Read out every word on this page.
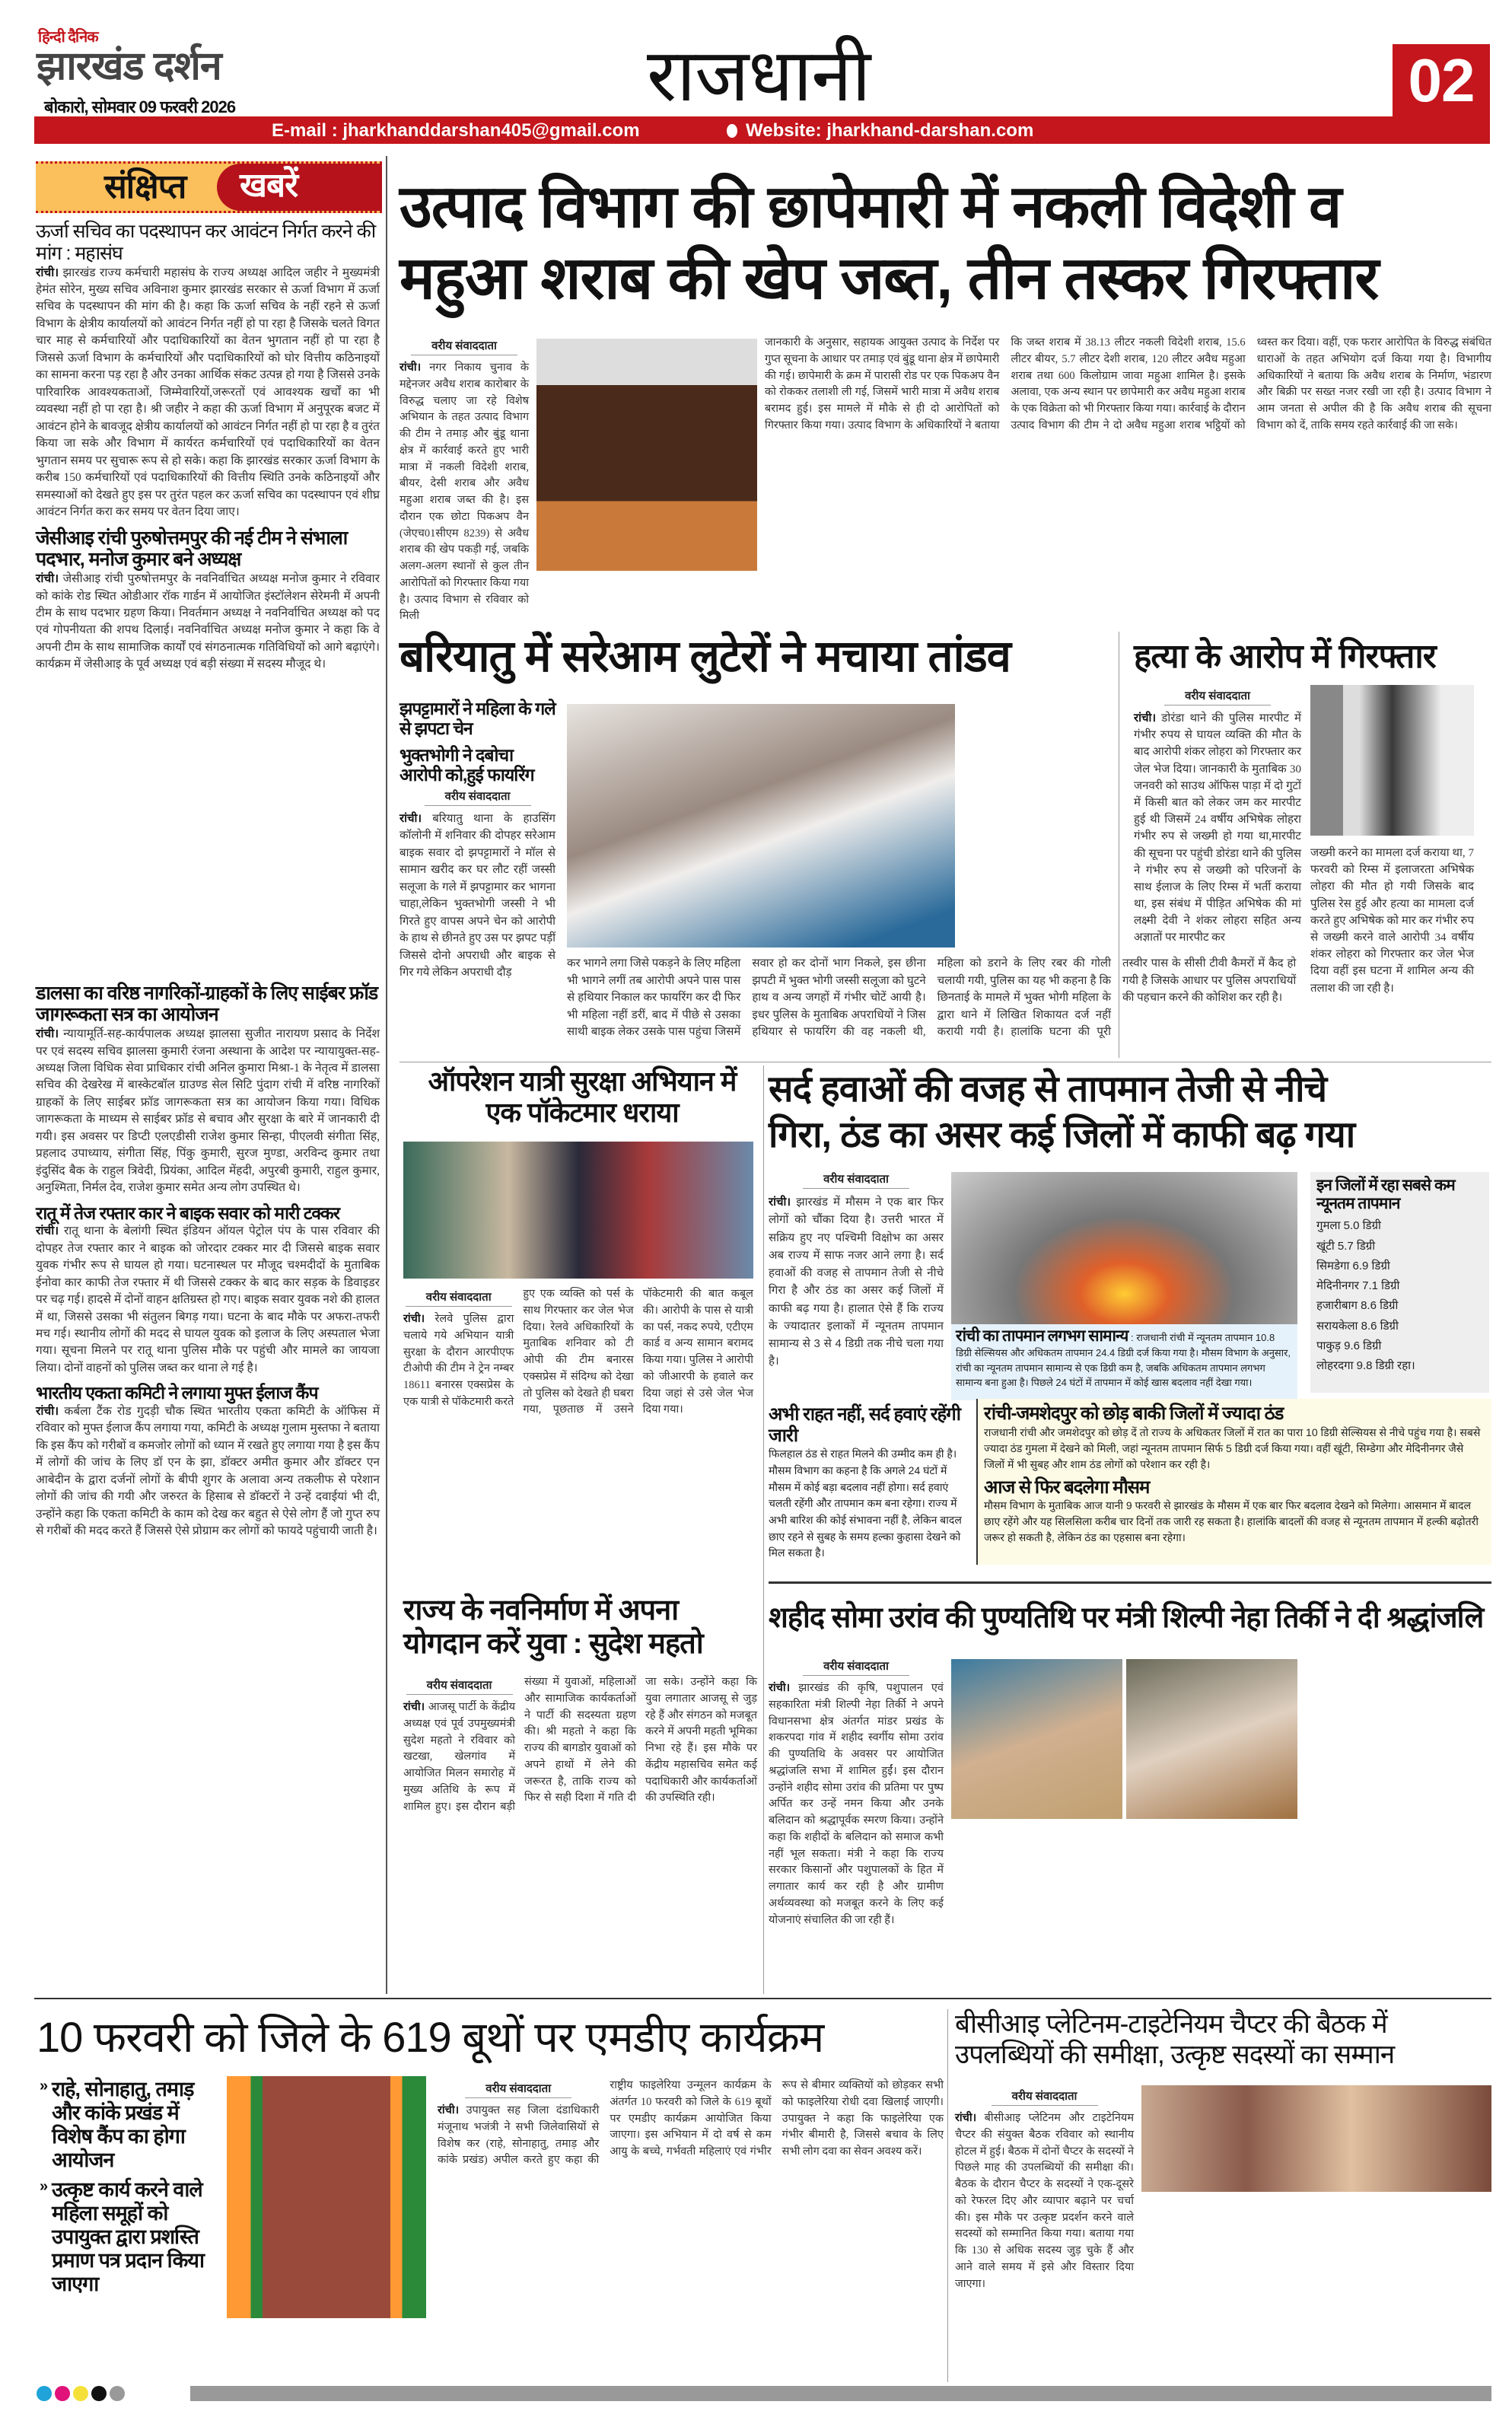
हिन्दी दैनिक
झारखंड दर्शन
बोकारो, सोमवार 09 फरवरी 2026	राजधानी	02
E-mail : jharkhanddarshan405@gmail.com	Website: jharkhand-darshan.com
संक्षिप्त खबरें
ऊर्जा सचिव का पदस्थापन कर आवंटन निर्गत करने की मांग : महासंघ
रांची। झारखंड राज्य कर्मचारी महासंघ के राज्य अध्यक्ष आदिल जहीर ने मुख्यमंत्री हेमंत सोरेन, मुख्य सचिव अविनाश कुमार झारखंड सरकार से ऊर्जा विभाग में ऊर्जा सचिव के पदस्थापन की मांग की है। कहा कि ऊर्जा सचिव के नहीं रहने से ऊर्जा विभाग के क्षेत्रीय कार्यालयों को आवंटन निर्गत नहीं हो पा रहा है जिसके चलते विगत चार माह से कर्मचारियों और पदाधिकारियों का वेतन भुगतान नहीं हो पा रहा है जिससे ऊर्जा विभाग के कर्मचारियों और पदाधिकारियों को घोर वित्तीय कठिनाइयों का सामना करना पड़ रहा है और उनका आर्थिक संकट उत्पन्न हो गया है जिससे उनके पारिवारिक आवश्यकताओं, जिम्मेवारियों,जरूरतों एवं आवश्यक खर्चों का भी व्यवस्था नहीं हो पा रहा है। श्री जहीर ने कहा की ऊर्जा विभाग में अनुपूरक बजट में आवंटन होने के बावजूद क्षेत्रीय कार्यालयों को आवंटन निर्गत नहीं हो पा रहा है व तुरंत किया जा सके और विभाग में कार्यरत कर्मचारियों एवं पदाधिकारियों का वेतन भुगतान समय पर सुचारू रूप से हो सके। कहा कि झारखंड सरकार ऊर्जा विभाग के करीब 150 कर्मचारियों एवं पदाधिकारियों की वित्तीय स्थिति उनके कठिनाइयों और समस्याओं को देखते हुए इस पर तुरंत पहल कर ऊर्जा सचिव का पदस्थापन एवं शीघ्र आवंटन निर्गत करा कर समय पर वेतन दिया जाए।
जेसीआइ रांची पुरुषोत्तमपुर की नई टीम ने संभाला पदभार, मनोज कुमार बने अध्यक्ष
रांची। जेसीआइ रांची पुरुषोत्तमपुर के नवनिर्वाचित अध्यक्ष मनोज कुमार ने रविवार को कांके रोड स्थित ओडीआर रॉक गार्डन में आयोजित इंस्टॉलेशन सेरेमनी में अपनी टीम के साथ पदभार ग्रहण किया। निवर्तमान अध्यक्ष ने नवनिर्वाचित अध्यक्ष को पद एवं गोपनीयता की शपथ दिलाई। नवनिर्वाचित अध्यक्ष मनोज कुमार ने कहा कि वे अपनी टीम के साथ सामाजिक कार्यों एवं संगठनात्मक गतिविधियों को आगे बढ़ाएंगे। कार्यक्रम में जेसीआइ के पूर्व अध्यक्ष एवं बड़ी संख्या में सदस्य मौजूद थे।
डालसा का वरिष्ठ नागरिकों-ग्राहकों के लिए साईबर फ्रॉड जागरूकता सत्र का आयोजन
रांची। न्यायामूर्ति-सह-कार्यपालक अध्यक्ष झालसा सुजीत नारायण प्रसाद के निर्देश पर एवं सदस्य सचिव झालसा कुमारी रंजना अस्थाना के आदेश पर न्यायायुक्त-सह-अध्यक्ष जिला विधिक सेवा प्राधिकार रांची अनिल कुमारा मिश्रा-1 के नेतृत्व में डालसा सचिव की देखरेख में बास्केटबॉल ग्राउण्ड सेल सिटि पुंदाग रांची में वरिष्ठ नागरिकों ग्राहकों के लिए साईबर फ्रॉड जागरूकता सत्र का आयोजन किया गया। विधिक जागरूकता के माध्यम से साईबर फ्रॉड से बचाव और सुरक्षा के बारे में जानकारी दी गयी। इस अवसर पर डिप्टी एलएडीसी राजेश कुमार सिन्हा, पीएलवी संगीता सिंह, प्रहलाद उपाध्याय, संगीता सिंह, पिंकु कुमारी, सुरज मुण्डा, अरविन्द कुमार तथा इंदुसिंद बैक के राहुल त्रिवेदी, प्रियंका, आदिल मेंहदी, अपुरबी कुमारी, राहुल कुमार, अनुश्मिता, निर्मल देव, राजेश कुमार समेत अन्य लोग उपस्थित थे।
रातू में तेज रफ्तार कार ने बाइक सवार को मारी टक्कर
रांची। रातू थाना के बेलांगी स्थित इंडियन ऑयल पेट्रोल पंप के पास रविवार की दोपहर तेज रफ्तार कार ने बाइक को जोरदार टक्कर मार दी जिससे बाइक सवार युवक गंभीर रूप से घायल हो गया। घटनास्थल पर मौजूद चश्मदीदों के मुताबिक ईनोवा कार काफी तेज रफ्तार में थी जिससे टक्कर के बाद कार सड़क के डिवाइडर पर चढ़ गई। हादसे में दोनों वाहन क्षतिग्रस्त हो गए। बाइक सवार युवक नशे की हालत में था, जिससे उसका भी संतुलन बिगड़ गया। घटना के बाद मौके पर अफरा-तफरी मच गई। स्थानीय लोगों की मदद से घायल युवक को इलाज के लिए अस्पताल भेजा गया। सूचना मिलने पर रातू थाना पुलिस मौके पर पहुंची और मामले का जायजा लिया। दोनों वाहनों को पुलिस जब्त कर थाना ले गई है।
भारतीय एकता कमिटी ने लगाया मुफ्त ईलाज कैंप
रांची। कर्बला टैंक रोड गुदड़ी चौक स्थित भारतीय एकता कमिटी के ऑफिस में रविवार को मुफ्त ईलाज कैंप लगाया गया, कमिटी के अध्यक्ष गुलाम मुस्तफा ने बताया कि इस कैंप को गरीबों व कमजोर लोगों को ध्यान में रखते हुए लगाया गया है इस कैंप में लोगों की जांच के लिए डॉ एन के झा, डॉक्टर अमीत कुमार और डॉक्टर एन आबेदीन के द्वारा दर्जनों लोगों के बीपी शुगर के अलावा अन्य तकलीफ से परेशान लोगों की जांच की गयी और जरुरत के हिसाब से डॉक्टरों ने उन्हें दवाईयां भी दी, उन्होंने कहा कि एकता कमिटी के काम को देख कर बहुत से ऐसे लोग हैं जो गुप्त रुप से गरीबों की मदद करते हैं जिससे ऐसे प्रोग्राम कर लोगों को फायदे पहुंचायी जाती है।
उत्पाद विभाग की छापेमारी में नकली विदेशी व
महुआ शराब की खेप जब्त, तीन तस्कर गिरफ्तार
वरीय संवाददाता
रांची। नगर निकाय चुनाव के मद्देनजर अवैध शराब कारोबार के विरुद्ध चलाए जा रहे विशेष अभियान के तहत उत्पाद विभाग की टीम ने तमाड़ और बुंडू थाना क्षेत्र में कार्रवाई करते हुए भारी मात्रा में नकली विदेशी शराब, बीयर, देसी शराब और अवैध महुआ शराब जब्त की है। इस दौरान एक छोटा पिकअप वैन (जेएच01सीएम 8239) से अवैध शराब की खेप पकड़ी गई, जबकि अलग-अलग स्थानों से कुल तीन आरोपितों को गिरफ्तार किया गया है। उत्पाद विभाग से रविवार को मिली
जानकारी के अनुसार, सहायक आयुक्त उत्पाद के निर्देश पर गुप्त सूचना के आधार पर तमाड़ एवं बुंडू थाना क्षेत्र में छापेमारी की गई। छापेमारी के क्रम में पारासी रोड पर एक पिकअप वैन को रोककर तलाशी ली गई, जिसमें भारी मात्रा में अवैध शराब बरामद हुई। इस मामले में मौके से ही दो आरोपितों को गिरफ्तार किया गया। उत्पाद विभाग के अधिकारियों ने बताया कि जब्त शराब में 38.13 लीटर नकली विदेशी शराब, 15.6 लीटर बीयर, 5.7 लीटर देशी शराब, 120 लीटर अवैध महुआ शराब तथा 600 किलोग्राम जावा महुआ शामिल है। इसके अलावा, एक अन्य स्थान पर छापेमारी कर अवैध महुआ शराब के एक विक्रेता को भी गिरफ्तार किया गया। कार्रवाई के दौरान उत्पाद विभाग की टीम ने दो अवैध महुआ शराब भट्ठियों को ध्वस्त कर दिया। वहीं, एक फरार आरोपित के विरुद्ध संबंधित धाराओं के तहत अभियोग दर्ज किया गया है। विभागीय अधिकारियों ने बताया कि अवैध शराब के निर्माण, भंडारण और बिक्री पर सख्त नजर रखी जा रही है। उत्पाद विभाग ने आम जनता से अपील की है कि अवैध शराब की सूचना विभाग को दें, ताकि समय रहते कार्रवाई की जा सके।
बरियातु में सरेआम लुटेरों ने मचाया तांडव
झपट्टामारों ने महिला के गले से झपटा चेन
भुक्तभोगी ने दबोचा आरोपी को,हुई फायरिंग
वरीय संवाददाता
रांची। बरियातु थाना के हाउसिंग कॉलोनी में शनिवार की दोपहर सरेआम बाइक सवार दो झपट्टामारों ने मॉल से सामान खरीद कर घर लौट रहीं जस्सी सलूजा के गले में झपट्टामार कर भागना चाहा,लेकिन भुक्तभोगी जस्सी ने भी गिरते हुए वापस अपने चेन को आरोपी के हाथ से छीनते हुए उस पर झपट पड़ीं जिससे दोनो अपराधी और बाइक से गिर गये लेकिन अपराधी दौड़
कर भागने लगा जिसे पकड़ने के लिए महिला भी भागने लगीं तब आरोपी अपने पास पास से हथियार निकाल कर फायरिंग कर दी फिर भी महिला नहीं डरीं, बाद में पीछे से उसका साथी बाइक लेकर उसके पास पहुंचा जिसमें सवार हो कर दोनों भाग निकले, इस छीना झपटी में भुक्त भोगी जस्सी सलूजा को घुटने हाथ व अन्य जगहों में गंभीर चोटें आयी है। इधर पुलिस के मुताबिक अपराधियों ने जिस हथियार से फायरिंग की वह नकली थी, महिला को डराने के लिए रबर की गोली चलायी गयी, पुलिस का यह भी कहना है कि छिनताई के मामले में भुक्त भोगी महिला के द्वारा थाने में लिखित शिकायत दर्ज नहीं करायी गयी है। हालांकि घटना की पूरी तस्वीर पास के सीसी टीवी कैमरों में कैद हो गयी है जिसके आधार पर पुलिस अपराधियों की पहचान करने की कोशिश कर रही है।
हत्या के आरोप में गिरफ्तार
वरीय संवाददाता
रांची। डोरंडा थाने की पुलिस मारपीट में गंभीर रुपय से घायल व्यक्ति की मौत के बाद आरोपी शंकर लोहरा को गिरफ्तार कर जेल भेज दिया। जानकारी के मुताबिक 30 जनवरी को साउथ ऑफिस पाड़ा में दो गुटों में किसी बात को लेकर जम कर मारपीट हुई थी जिसमें 24 वर्षीय अभिषेक लोहरा गंभीर रुप से जख्मी हो गया था,मारपीट की सूचना पर पहुंची डोरंडा थाने की पुलिस ने गंभीर रुप से जख्मी को परिजनों के साथ ईलाज के लिए रिम्स में भर्ती कराया था, इस संबंध में पीड़ित अभिषेक की मां लक्ष्मी देवी ने शंकर लोहरा सहित अन्य अज्ञातों पर मारपीट कर
जख्मी करने का मामला दर्ज कराया था, 7 फरवरी को रिम्स में इलाजरता अभिषेक लोहरा की मौत हो गयी जिसके बाद पुलिस रेस हुई और हत्या का मामला दर्ज करते हुए अभिषेक को मार कर गंभीर रुप से जख्मी करने वाले आरोपी 34 वर्षीय शंकर लोहरा को गिरफ्तार कर जेल भेज दिया वहीं इस घटना में शामिल अन्य की तलाश की जा रही है।
ऑपरेशन यात्री सुरक्षा अभियान में एक पॉकेटमार धराया
वरीय संवाददाता
रांची। रेलवे पुलिस द्वारा चलाये गये अभियान यात्री सुरक्षा के दौरान आरपीएफ टीओपी की टीम ने ट्रेन नम्बर 18611 बनारस एक्सप्रेस के एक यात्री से पॉकेटमारी करते हुए एक व्यक्ति को पर्स के साथ गिरफ्तार कर जेल भेज दिया। रेलवे अधिकारियों के मुताबिक शनिवार को टी ओपी की टीम बनारस एक्सप्रेस में संदिग्ध को देखा तो पुलिस को देखते ही घबरा गया, पूछताछ में उसने पॉकेटमारी की बात कबूल की। आरोपी के पास से यात्री का पर्स, नकद रुपये, एटीएम कार्ड व अन्य सामान बरामद किया गया। पुलिस ने आरोपी को जीआरपी के हवाले कर दिया जहां से उसे जेल भेज दिया गया।
सर्द हवाओं की वजह से तापमान तेजी से नीचे
गिरा, ठंड का असर कई जिलों में काफी बढ़ गया
वरीय संवाददाता
रांची। झारखंड में मौसम ने एक बार फिर लोगों को चौंका दिया है। उत्तरी भारत में सक्रिय हुए नए पश्चिमी विक्षोभ का असर अब राज्य में साफ नजर आने लगा है। सर्द हवाओं की वजह से तापमान तेजी से नीचे गिरा है और ठंड का असर कई जिलों में काफी बढ़ गया है। हालात ऐसे हैं कि राज्य के ज्यादातर इलाकों में न्यूनतम तापमान सामान्य से 3 से 4 डिग्री तक नीचे चला गया है।
रांची का तापमान लगभग सामान्य : राजधानी रांची में न्यूनतम तापमान 10.8 डिग्री सेल्सियस और अधिकतम तापमान 24.4 डिग्री दर्ज किया गया है। मौसम विभाग के अनुसार, रांची का न्यूनतम तापमान सामान्य से एक डिग्री कम है, जबकि अधिकतम तापमान लगभग सामान्य बना हुआ है। पिछले 24 घंटों में तापमान में कोई खास बदलाव नहीं देखा गया।
इन जिलों में रहा सबसे कम न्यूनतम तापमान
गुमला 5.0 डिग्री
खूंटी 5.7 डिग्री
सिमडेगा 6.9 डिग्री
मेदिनीनगर 7.1 डिग्री
हजारीबाग 8.6 डिग्री
सरायकेला 8.6 डिग्री
पाकुड़ 9.6 डिग्री
लोहरदगा 9.8 डिग्री रहा।
अभी राहत नहीं, सर्द हवाएं रहेंगी जारी
फिलहाल ठंड से राहत मिलने की उम्मीद कम ही है। मौसम विभाग का कहना है कि अगले 24 घंटों में मौसम में कोई बड़ा बदलाव नहीं होगा। सर्द हवाएं चलती रहेंगी और तापमान कम बना रहेगा। राज्य में अभी बारिश की कोई संभावना नहीं है, लेकिन बादल छाए रहने से सुबह के समय हल्का कुहासा देखने को मिल सकता है।
रांची-जमशेदपुर को छोड़ बाकी जिलों में ज्यादा ठंड
राजधानी रांची और जमशेदपुर को छोड़ दें तो राज्य के अधिकतर जिलों में रात का पारा 10 डिग्री सेल्सियस से नीचे पहुंच गया है। सबसे ज्यादा ठंड गुमला में देखने को मिली, जहां न्यूनतम तापमान सिर्फ 5 डिग्री दर्ज किया गया। वहीं खूंटी, सिम्डेगा और मेदिनीनगर जैसे जिलों में भी सुबह और शाम ठंड लोगों को परेशान कर रही है।
आज से फिर बदलेगा मौसम
मौसम विभाग के मुताबिक आज यानी 9 फरवरी से झारखंड के मौसम में एक बार फिर बदलाव देखने को मिलेगा। आसमान में बादल छाए रहेंगे और यह सिलसिला करीब चार दिनों तक जारी रह सकता है। हालांकि बादलों की वजह से न्यूनतम तापमान में हल्की बढ़ोतरी जरूर हो सकती है, लेकिन ठंड का एहसास बना रहेगा।
राज्य के नवनिर्माण में अपना योगदान करें युवा : सुदेश महतो
वरीय संवाददाता
रांची। आजसू पार्टी के केंद्रीय अध्यक्ष एवं पूर्व उपमुख्यमंत्री सुदेश महतो ने रविवार को खटखा, खेलगांव में आयोजित मिलन समारोह में मुख्य अतिथि के रूप में शामिल हुए। इस दौरान बड़ी संख्या में युवाओं, महिलाओं और सामाजिक कार्यकर्ताओं ने पार्टी की सदस्यता ग्रहण की। श्री महतो ने कहा कि राज्य की बागडोर युवाओं को अपने हाथों में लेने की जरूरत है, ताकि राज्य को फिर से सही दिशा में गति दी जा सके। उन्होंने कहा कि युवा लगातार आजसू से जुड़ रहे हैं और संगठन को मजबूत करने में अपनी महती भूमिका निभा रहे हैं। इस मौके पर केंद्रीय महासचिव समेत कई पदाधिकारी और कार्यकर्ताओं की उपस्थिति रही।
शहीद सोमा उरांव की पुण्यतिथि पर मंत्री शिल्पी नेहा तिर्की ने दी श्रद्धांजलि
वरीय संवाददाता
रांची। झारखंड की कृषि, पशुपालन एवं सहकारिता मंत्री शिल्पी नेहा तिर्की ने अपने विधानसभा क्षेत्र अंतर्गत मांडर प्रखंड के शकरपदा गांव में शहीद स्वर्गीय सोमा उरांव की पुण्यतिथि के अवसर पर आयोजित श्रद्धांजलि सभा में शामिल हुईं। इस दौरान उन्होंने शहीद सोमा उरांव की प्रतिमा पर पुष्प अर्पित कर उन्हें नमन किया और उनके बलिदान को श्रद्धापूर्वक स्मरण किया। उन्होंने कहा कि शहीदों के बलिदान को समाज कभी नहीं भूल सकता। मंत्री ने कहा कि राज्य सरकार किसानों और पशुपालकों के हित में लगातार कार्य कर रही है और ग्रामीण अर्थव्यवस्था को मजबूत करने के लिए कई योजनाएं संचालित की जा रही हैं।
10 फरवरी को जिले के 619 बूथों पर एमडीए कार्यक्रम
» राहे, सोनाहातु, तमाड़ और कांके प्रखंड में विशेष कैंप का होगा आयोजन
» उत्कृष्ट कार्य करने वाले महिला समूहों को उपायुक्त द्वारा प्रशस्ति प्रमाण पत्र प्रदान किया जाएगा
वरीय संवाददाता
रांची। उपायुक्त सह जिला दंडाधिकारी मंजूनाथ भजंत्री ने सभी जिलेवासियों से विशेष कर (राहे, सोनाहातु, तमाड़ और कांके प्रखंड) अपील करते हुए कहा की राष्ट्रीय फाइलेरिया उन्मूलन कार्यक्रम के अंतर्गत 10 फरवरी को जिले के 619 बूथों पर एमडीए कार्यक्रम आयोजित किया जाएगा। इस अभियान में दो वर्ष से कम आयु के बच्चे, गर्भवती महिलाएं एवं गंभीर रूप से बीमार व्यक्तियों को छोड़कर सभी को फाइलेरिया रोधी दवा खिलाई जाएगी। उपायुक्त ने कहा कि फाइलेरिया एक गंभीर बीमारी है, जिससे बचाव के लिए सभी लोग दवा का सेवन अवश्य करें।
बीसीआइ प्लेटिनम-टाइटेनियम चैप्टर की बैठक में उपलब्धियों की समीक्षा, उत्कृष्ट सदस्यों का सम्मान
वरीय संवाददाता
रांची। बीसीआइ प्लेटिनम और टाइटेनियम चैप्टर की संयुक्त बैठक रविवार को स्थानीय होटल में हुई। बैठक में दोनों चैप्टर के सदस्यों ने पिछले माह की उपलब्धियों की समीक्षा की। बैठक के दौरान चैप्टर के सदस्यों ने एक-दूसरे को रेफरल दिए और व्यापार बढ़ाने पर चर्चा की। इस मौके पर उत्कृष्ट प्रदर्शन करने वाले सदस्यों को सम्मानित किया गया। बताया गया कि 130 से अधिक सदस्य जुड़ चुके हैं और आने वाले समय में इसे और विस्तार दिया जाएगा।
